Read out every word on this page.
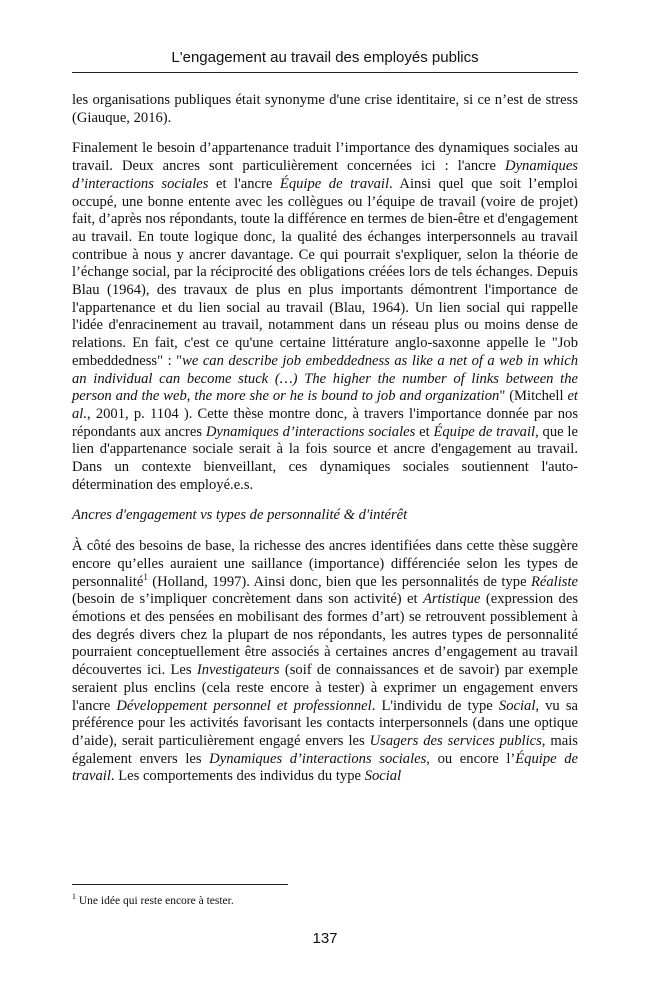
L'engagement au travail des employés publics

les organisations publiques était synonyme d'une crise identitaire, si ce n’est de stress (Giauque, 2016).

Finalement le besoin d’appartenance traduit l’importance des dynamiques sociales au travail. Deux ancres sont particulièrement concernées ici : l'ancre Dynamiques d’interactions sociales et l'ancre Équipe de travail. Ainsi quel que soit l’emploi occupé, une bonne entente avec les collègues ou l’équipe de travail (voire de projet) fait, d’après nos répondants, toute la différence en termes de bien-être et d'engagement au travail. En toute logique donc, la qualité des échanges interpersonnels au travail contribue à nous y ancrer davantage. Ce qui pourrait s'expliquer, selon la théorie de l’échange social, par la réciprocité des obligations créées lors de tels échanges. Depuis Blau (1964), des travaux de plus en plus importants démontrent l'importance de l'appartenance et du lien social au travail (Blau, 1964). Un lien social qui rappelle l'idée d'enracinement au travail, notamment dans un réseau plus ou moins dense de relations. En fait, c'est ce qu'une certaine littérature anglo-saxonne appelle le "Job embeddedness" : "we can describe job embeddedness as like a net of a web in which an individual can become stuck (…) The higher the number of links between the person and the web, the more she or he is bound to job and organization" (Mitchell et al., 2001, p. 1104 ). Cette thèse montre donc, à travers l'importance donnée par nos répondants aux ancres Dynamiques d’interactions sociales et Équipe de travail, que le lien d'appartenance sociale serait à la fois source et ancre d'engagement au travail. Dans un contexte bienveillant, ces dynamiques sociales soutiennent l'auto-détermination des employé.e.s.

Ancres d'engagement vs types de personnalité & d'intérêt

À côté des besoins de base, la richesse des ancres identifiées dans cette thèse suggère encore qu’elles auraient une saillance (importance) différenciée selon les types de personnalité$^1$ (Holland, 1997). Ainsi donc, bien que les personnalités de type Réaliste (besoin de s’impliquer concrètement dans son activité) et Artistique (expression des émotions et des pensées en mobilisant des formes d’art) se retrouvent possiblement à des degrés divers chez la plupart de nos répondants, les autres types de personnalité pourraient conceptuellement être associés à certaines ancres d’engagement au travail découvertes ici. Les Investigateurs (soif de connaissances et de savoir) par exemple seraient plus enclins (cela reste encore à tester) à exprimer un engagement envers l'ancre Développement personnel et professionnel. L'individu de type Social, vu sa préférence pour les activités favorisant les contacts interpersonnels (dans une optique d’aide), serait particulièrement engagé envers les Usagers des services publics, mais également envers les Dynamiques d’interactions sociales, ou encore l’Équipe de travail. Les comportements des individus du type Social

$^1$ Une idée qui reste encore à tester.
137
